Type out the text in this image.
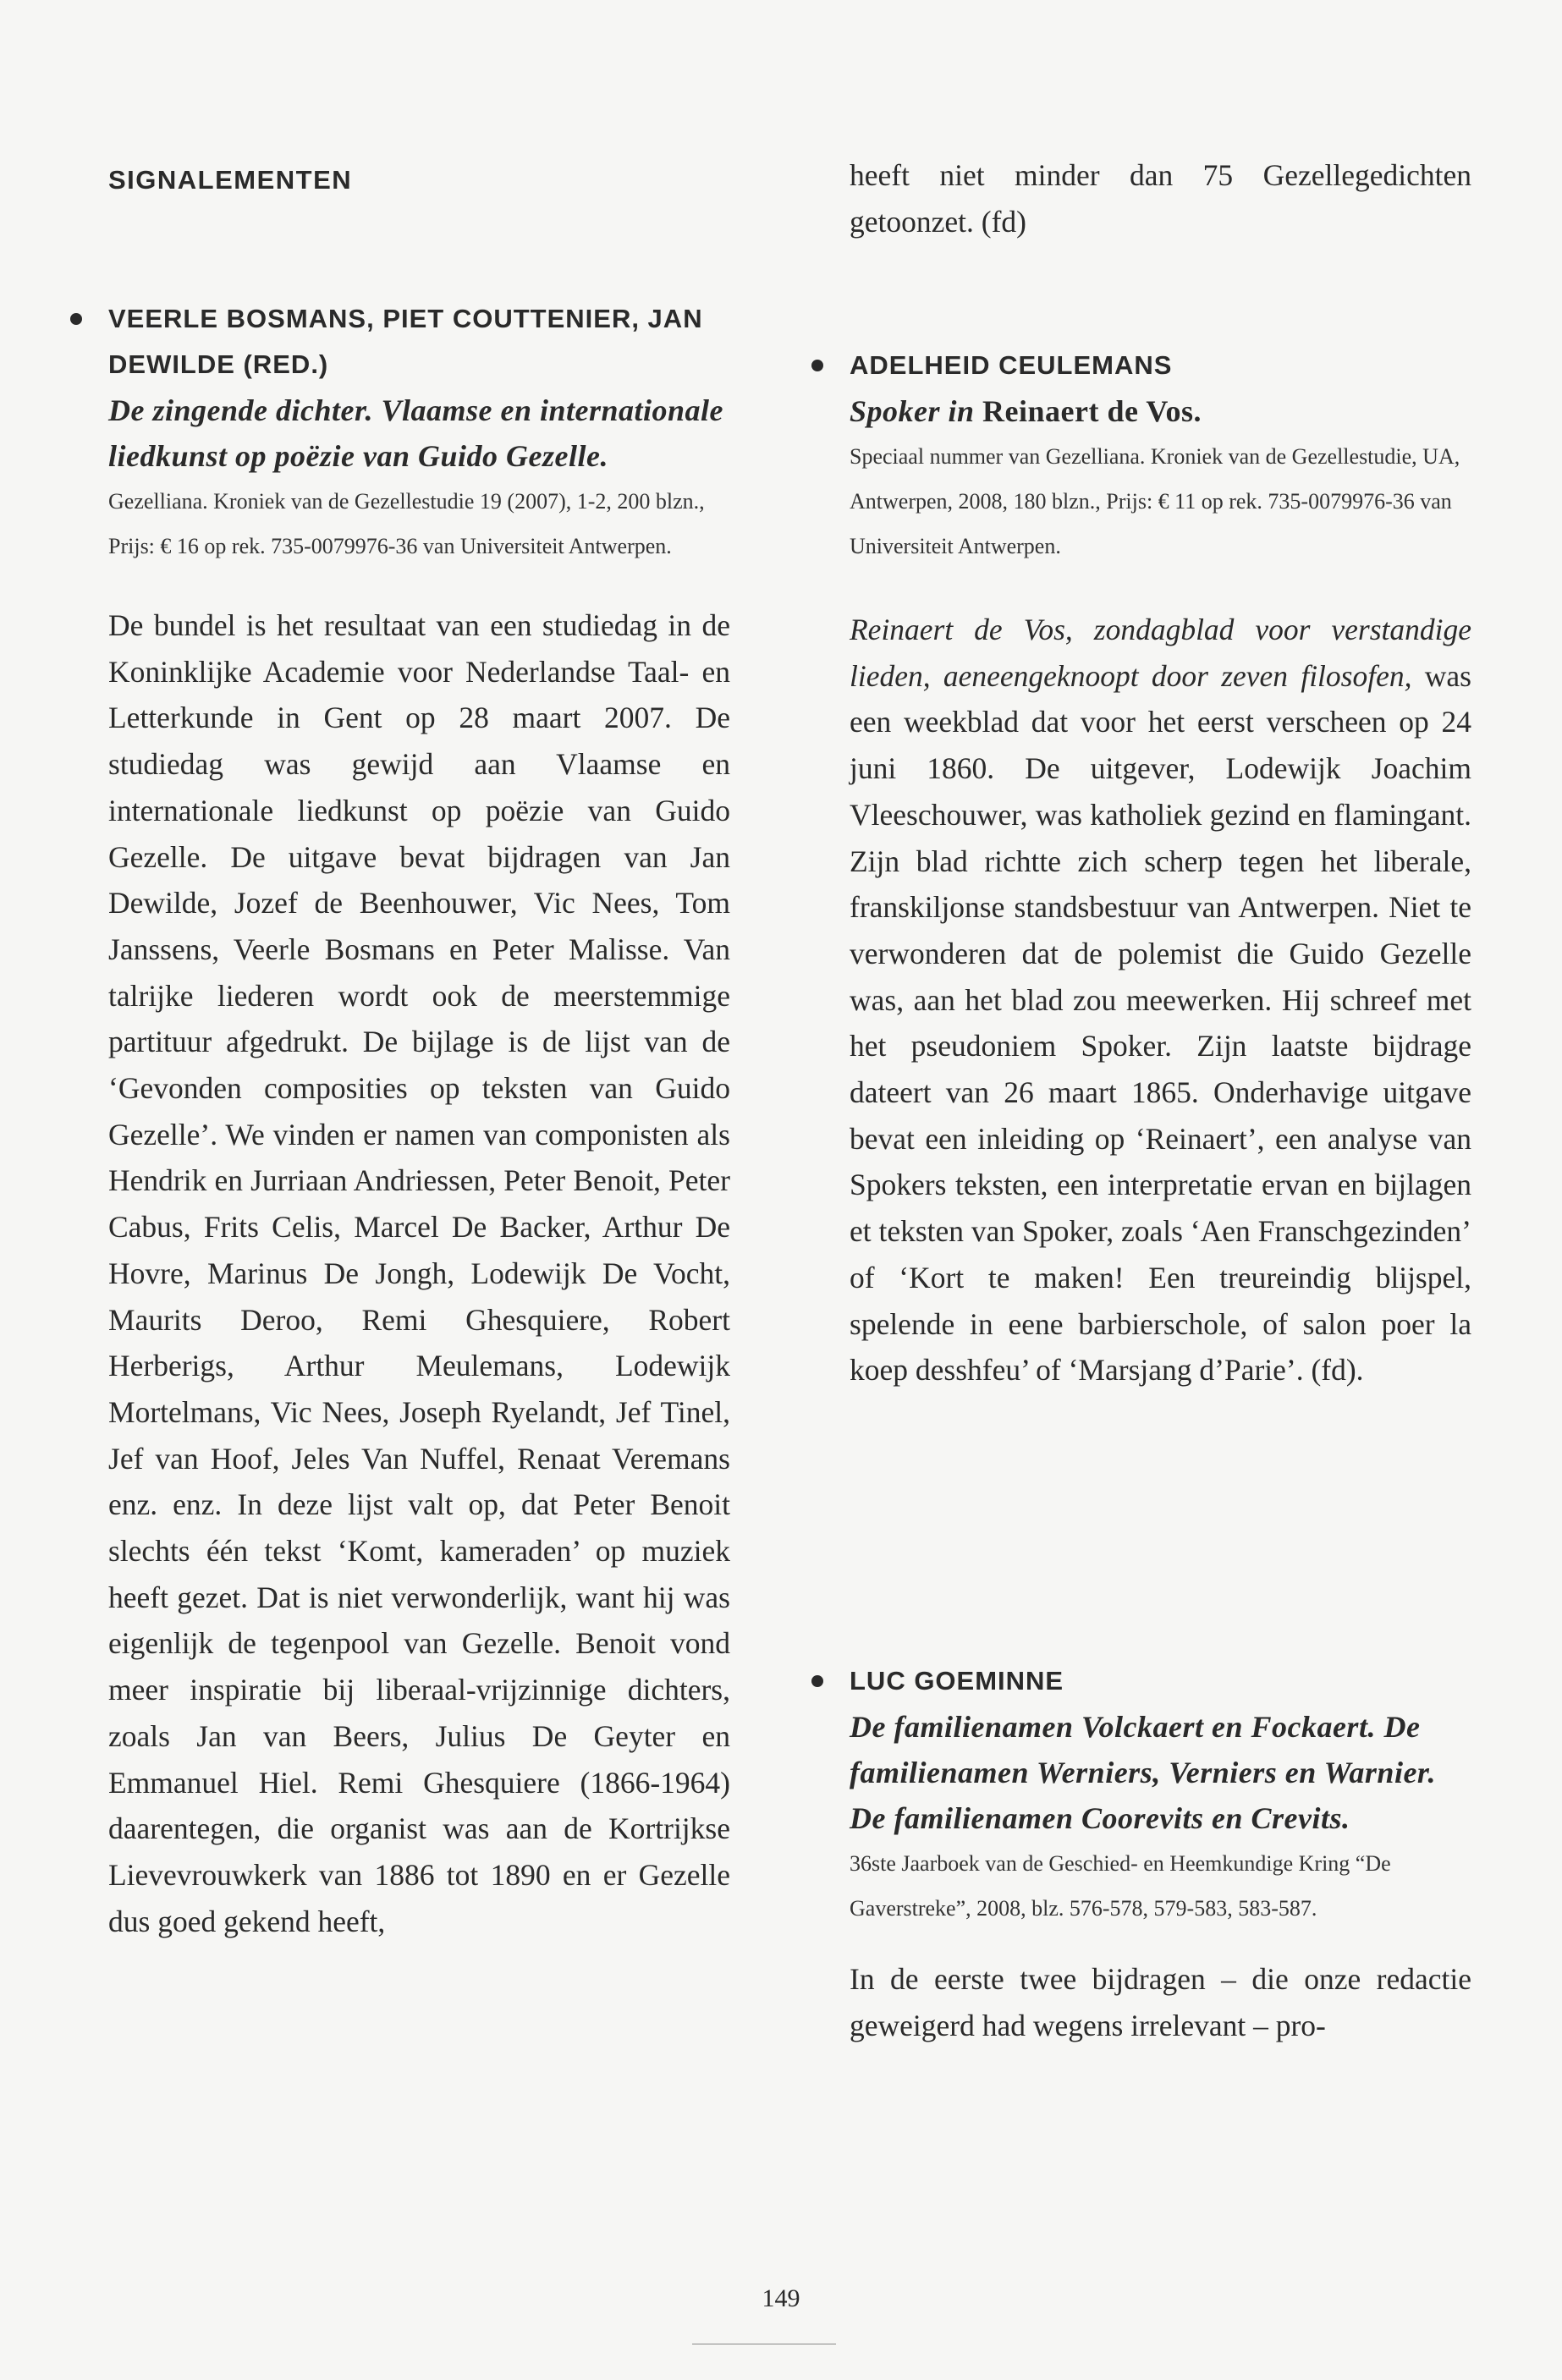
SIGNALEMENTEN

VEERLE BOSMANS, PIET COUTTENIER, JAN DEWILDE (RED.)

De zingende dichter. Vlaamse en internationale liedkunst op poëzie van Guido Gezelle.

Gezelliana. Kroniek van de Gezellestudie 19 (2007), 1-2, 200 blzn., Prijs: € 16 op rek. 735-0079976-36 van Universiteit Antwerpen.

De bundel is het resultaat van een studiedag in de Koninklijke Academie voor Nederlandse Taal- en Letterkunde in Gent op 28 maart 2007. De studiedag was gewijd aan Vlaamse en internationale liedkunst op poëzie van Guido Gezelle. De uitgave bevat bijdragen van Jan Dewilde, Jozef de Beenhouwer, Vic Nees, Tom Janssens, Veerle Bosmans en Peter Malisse. Van talrijke liederen wordt ook de meerstemmige partituur afgedrukt. De bijlage is de lijst van de ‘Gevonden composities op teksten van Guido Gezelle’. We vinden er namen van componisten als Hendrik en Jurriaan Andriessen, Peter Benoit, Peter Cabus, Frits Celis, Marcel De Backer, Arthur De Hovre, Marinus De Jongh, Lodewijk De Vocht, Maurits Deroo, Remi Ghesquiere, Robert Herberigs, Arthur Meulemans, Lodewijk Mortelmans, Vic Nees, Joseph Ryelandt, Jef Tinel, Jef van Hoof, Jeles Van Nuffel, Renaat Veremans enz. enz. In deze lijst valt op, dat Peter Benoit slechts één tekst ‘Komt, kameraden’ op muziek heeft gezet. Dat is niet verwonderlijk, want hij was eigenlijk de tegenpool van Gezelle. Benoit vond meer inspiratie bij liberaal-vrijzinnige dichters, zoals Jan van Beers, Julius De Geyter en Emmanuel Hiel. Remi Ghesquiere (1866-1964) daarentegen, die organist was aan de Kortrijkse Lievevrouwkerk van 1886 tot 1890 en er Gezelle dus goed gekend heeft,

heeft niet minder dan 75 Gezellegedichten getoonzet. (fd)

ADELHEID CEULEMANS

Spoker in Reinaert de Vos.

Speciaal nummer van Gezelliana. Kroniek van de Gezellestudie, UA, Antwerpen, 2008, 180 blzn., Prijs: € 11 op rek. 735-0079976-36 van Universiteit Antwerpen.

Reinaert de Vos, zondagblad voor verstandige lieden, aeneengeknoopt door zeven filosofen, was een weekblad dat voor het eerst verscheen op 24 juni 1860. De uitgever, Lodewijk Joachim Vleeschouwer, was katholiek gezind en flamingant. Zijn blad richtte zich scherp tegen het liberale, franskiljonse standsbestuur van Antwerpen. Niet te verwonderen dat de polemist die Guido Gezelle was, aan het blad zou meewerken. Hij schreef met het pseudoniem Spoker. Zijn laatste bijdrage dateert van 26 maart 1865. Onderhavige uitgave bevat een inleiding op ‘Reinaert’, een analyse van Spokers teksten, een interpretatie ervan en bijlagen et teksten van Spoker, zoals ‘Aen Franschgezinden’ of ‘Kort te maken! Een treureindig blijspel, spelende in eene barbierschole, of salon poer la koep desshfeu’ of ‘Marsjang d’Parie’. (fd).

LUC GOEMINNE

De familienamen Volckaert en Fockaert. De familienamen Werniers, Verniers en Warnier. De familienamen Coorevits en Crevits.

36ste Jaarboek van de Geschied- en Heemkundige Kring “De Gaverstreke”, 2008, blz. 576-578, 579-583, 583-587.

In de eerste twee bijdragen – die onze redactie geweigerd had wegens irrelevant – pro-

149
